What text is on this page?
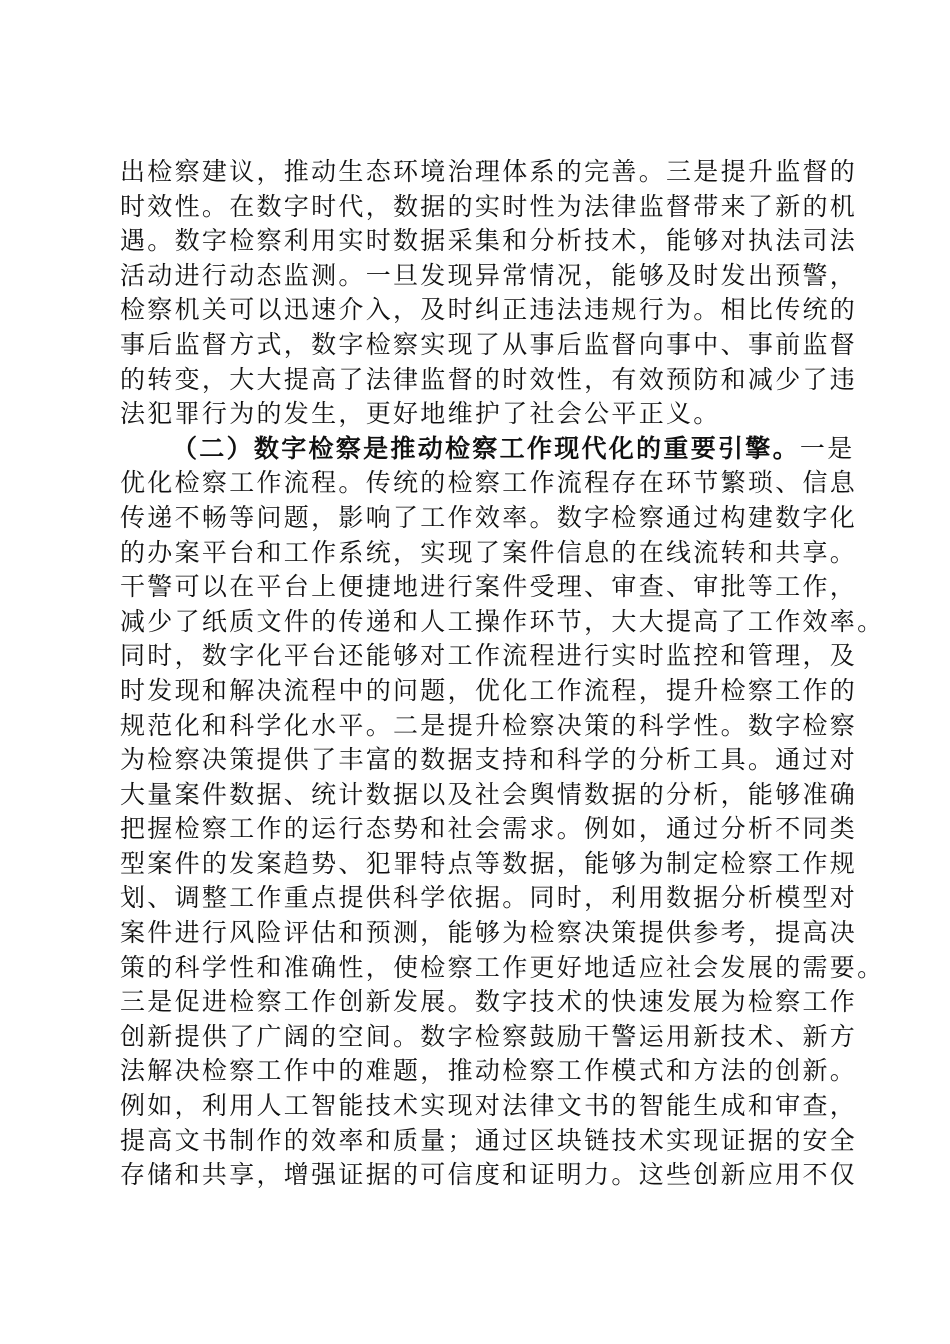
出检察建议，推动生态环境治理体系的完善。三是提升监督的
时效性。在数字时代，数据的实时性为法律监督带来了新的机
遇。数字检察利用实时数据采集和分析技术，能够对执法司法
活动进行动态监测。一旦发现异常情况，能够及时发出预警，
检察机关可以迅速介入，及时纠正违法违规行为。相比传统的
事后监督方式，数字检察实现了从事后监督向事中、事前监督
的转变，大大提高了法律监督的时效性，有效预防和减少了违
法犯罪行为的发生，更好地维护了社会公平正义。
（二）数字检察是推动检察工作现代化的重要引擎。一是
优化检察工作流程。传统的检察工作流程存在环节繁琐、信息
传递不畅等问题，影响了工作效率。数字检察通过构建数字化
的办案平台和工作系统，实现了案件信息的在线流转和共享。
干警可以在平台上便捷地进行案件受理、审查、审批等工作，
减少了纸质文件的传递和人工操作环节，大大提高了工作效率。
同时，数字化平台还能够对工作流程进行实时监控和管理，及
时发现和解决流程中的问题，优化工作流程，提升检察工作的
规范化和科学化水平。二是提升检察决策的科学性。数字检察
为检察决策提供了丰富的数据支持和科学的分析工具。通过对
大量案件数据、统计数据以及社会舆情数据的分析，能够准确
把握检察工作的运行态势和社会需求。例如，通过分析不同类
型案件的发案趋势、犯罪特点等数据，能够为制定检察工作规
划、调整工作重点提供科学依据。同时，利用数据分析模型对
案件进行风险评估和预测，能够为检察决策提供参考，提高决
策的科学性和准确性，使检察工作更好地适应社会发展的需要。
三是促进检察工作创新发展。数字技术的快速发展为检察工作
创新提供了广阔的空间。数字检察鼓励干警运用新技术、新方
法解决检察工作中的难题，推动检察工作模式和方法的创新。
例如，利用人工智能技术实现对法律文书的智能生成和审查，
提高文书制作的效率和质量；通过区块链技术实现证据的安全
存储和共享，增强证据的可信度和证明力。这些创新应用不仅
